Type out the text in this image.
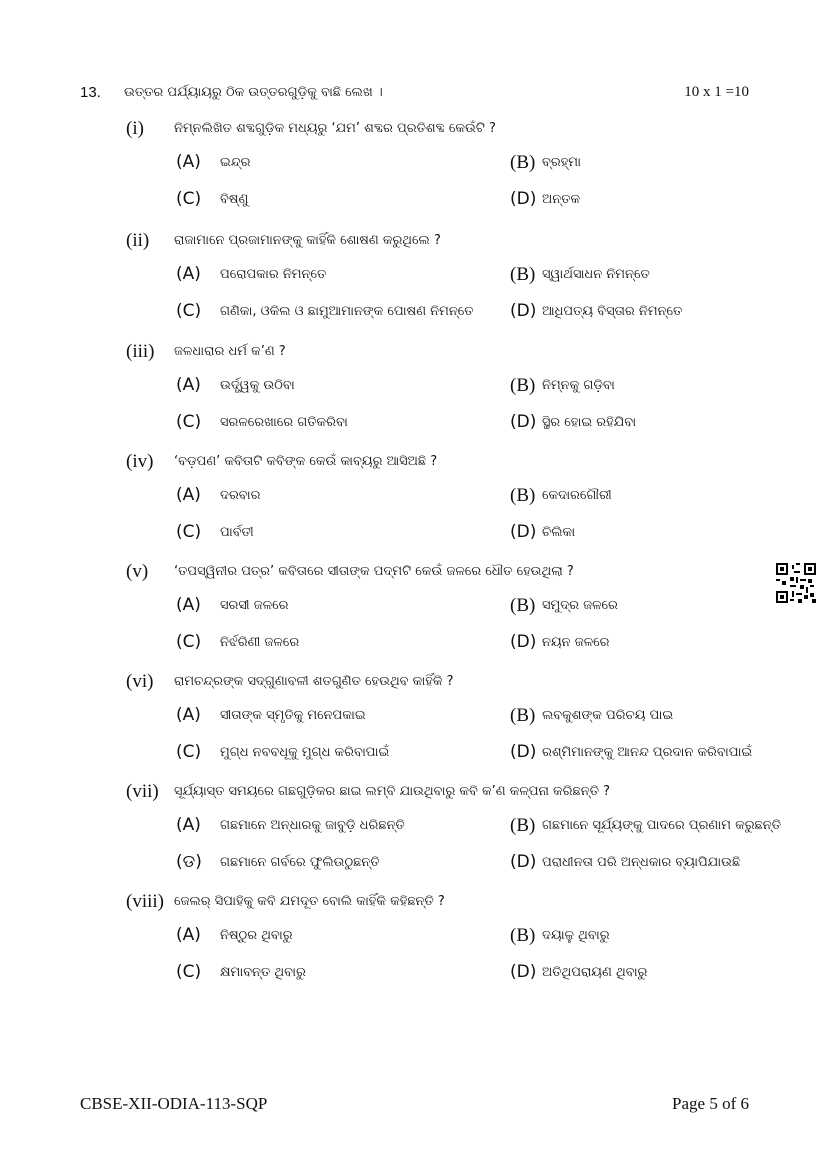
13. ଉତ୍ତର ପର୍ଯ୍ୟାୟରୁ ଠିକ ଉତ୍ତରଗୁଡ଼ିକୁ ବାଛି ଲେଖ ।	10 x 1 =10
(i) ନିମ୍ନଲିଖିତ ଶବ୍ଦଗୁଡ଼ିକ ମଧ୍ୟରୁ ‘ଯମ’ ଶବ୍ଦର ପ୍ରତିଶବ୍ଦ କେଉଁଟି ?
(A) ଇନ୍ଦ୍ର	(B) ବ୍ରହ୍ମା
(C) ବିଷ୍ଣୁ	(D) ଅନ୍ତକ
(ii) ରାଜାମାନେ ପ୍ରଜାମାନଙ୍କୁ କାହିଁକି ଶୋଷଣ କରୁଥିଲେ ?
(A) ପରୋପକାର ନିମନ୍ତେ	(B) ସ୍ୱାର୍ଥସାଧନ ନିମନ୍ତେ
(C) ଗଣିକା, ଓକିଲ ଓ ଛାମୁଆମାନଙ୍କ ପୋଷଣ ନିମନ୍ତେ (D) ଆଧିପତ୍ୟ ବିସ୍ତାର ନିମନ୍ତେ
(iii) ଜଳଧାରାର ଧର୍ମ କ’ଣ ?
(A) ଉର୍ଦ୍ଧ୍ୱକୁ ଉଠିବା	(B) ନିମ୍ନକୁ ଗଡ଼ିବା
(C) ସରଳରେଖାରେ ଗତିକରିବା	(D) ସ୍ଥିର ହୋଇ ରହିଯିବା
(iv) ‘ବଡ଼ପଣ’ କବିତାଟି କବିଙ୍କ କେଉଁ କାବ୍ୟରୁ ଆସିଅଛି ?
(A) ଦରବାର	(B) କେଦାରଗୌରୀ
(C) ପାର୍ବତୀ	(D) ଚିଲିକା
(v) ‘ତପସ୍ୱିନୀର ପତ୍ର’ କବିତାରେ ସୀତାଙ୍କ ପଦ୍ମଟି କେଉଁ ଜଳରେ ଧୌତ ହେଉଥିଲା ?
(A) ସରସୀ ଜଳରେ	(B) ସମୁଦ୍ର ଜଳରେ
(C) ନିର୍ଝରିଣୀ ଜଳରେ	(D) ନୟନ ଜଳରେ
(vi) ରାମଚନ୍ଦ୍ରଙ୍କ ସଦ୍‌ଗୁଣାବଳୀ ଶତଗୁଣିତ ହେଉଥିବ କାହିଁକି ?
(A) ସୀତାଙ୍କ ସ୍ମୃତିକୁ ମନେପକାଇ	(B) ଲବକୁଶଙ୍କ ପରିଚୟ ପାଇ
(C) ମୁଗ୍ଧ ନବବଧୂକୁ ମୁଗ୍ଧ କରିବାପାଇଁ	(D) ରଶ୍ମିମାନଙ୍କୁ ଆନନ୍ଦ ପ୍ରଦାନ କରିବାପାଇଁ
(vii) ସୂର୍ଯ୍ୟାସ୍ତ ସମୟରେ ଗଛଗୁଡ଼ିକର ଛାଇ ଲମ୍ବି ଯାଉଥିବାରୁ କବି କ’ଣ କଳ୍ପନା କରିଛନ୍ତି ?
(A) ଗଛମାନେ ଅନ୍ଧାରକୁ ଜାବୁଡ଼ି ଧରିଛନ୍ତି	(B) ଗଛମାନେ ସୂର୍ଯ୍ୟଙ୍କୁ ପାଦରେ ପ୍ରଣାମ କରୁଛନ୍ତି
(ଡ) ଗଛମାନେ ଗର୍ବରେ ଫୁଲିଉଠୁଛନ୍ତି	(D) ପରାଧୀନତା ପରି ଅନ୍ଧକାର ବ୍ୟାପିଯାଉଛି
(viii) ଜେଲର୍ ସିପାହିକୁ କବି ଯମଦୂତ ବୋଲି କାହିଁକି କହିଛନ୍ତି ?
(A) ନିଷ୍ଠୁର ଥିବାରୁ	(B) ଦୟାଳୁ ଥିବାରୁ
(C) କ୍ଷମାବନ୍ତ ଥିବାରୁ	(D) ଅତିଥିପରାୟଣ ଥିବାରୁ
CBSE-XII-ODIA-113-SQP	Page 5 of 6
